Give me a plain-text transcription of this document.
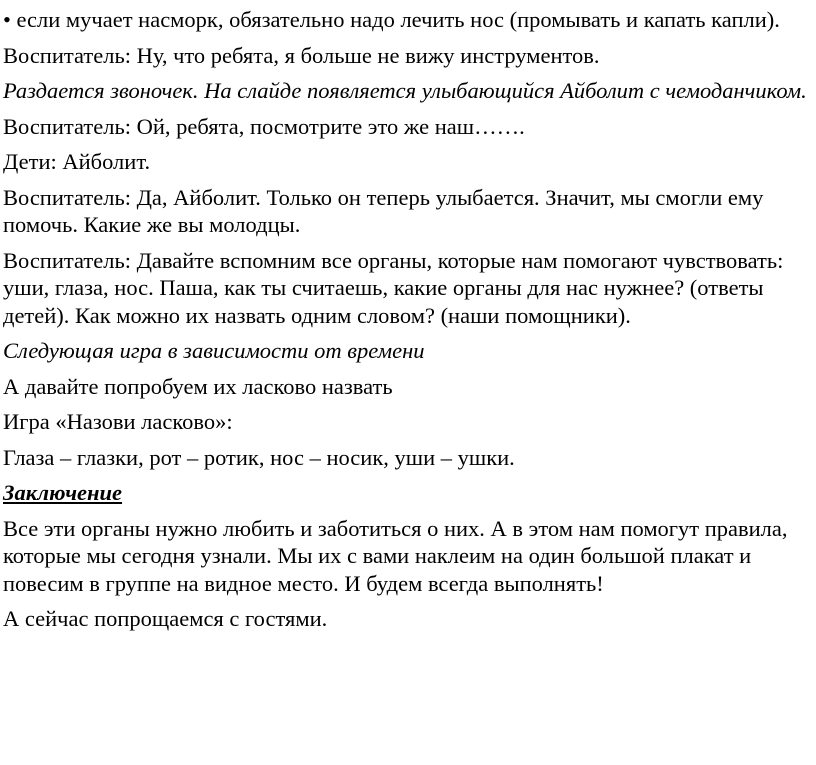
• если мучает насморк, обязательно надо лечить нос (промывать и капать капли).

Воспитатель: Ну, что ребята, я больше не вижу инструментов.

Раздается звоночек. На слайде появляется улыбающийся Айболит с чемоданчиком.

Воспитатель: Ой, ребята, посмотрите это же наш…….

Дети: Айболит.

Воспитатель: Да, Айболит. Только он теперь улыбается. Значит, мы смогли ему помочь. Какие же вы молодцы.

Воспитатель: Давайте вспомним все органы, которые нам помогают чувствовать: уши, глаза, нос. Паша, как ты считаешь, какие органы для нас нужнее? (ответы детей). Как можно их назвать одним словом? (наши помощники).

Следующая игра в зависимости от времени

А давайте попробуем их ласково назвать

Игра «Назови ласково»:

Глаза – глазки, рот – ротик, нос – носик, уши – ушки.

Заключение

Все эти органы нужно любить и заботиться о них. А в этом нам помогут правила, которые мы сегодня узнали. Мы их с вами наклеим на один большой плакат и повесим в группе на видное место. И будем всегда выполнять!

А сейчас попрощаемся с гостями.
